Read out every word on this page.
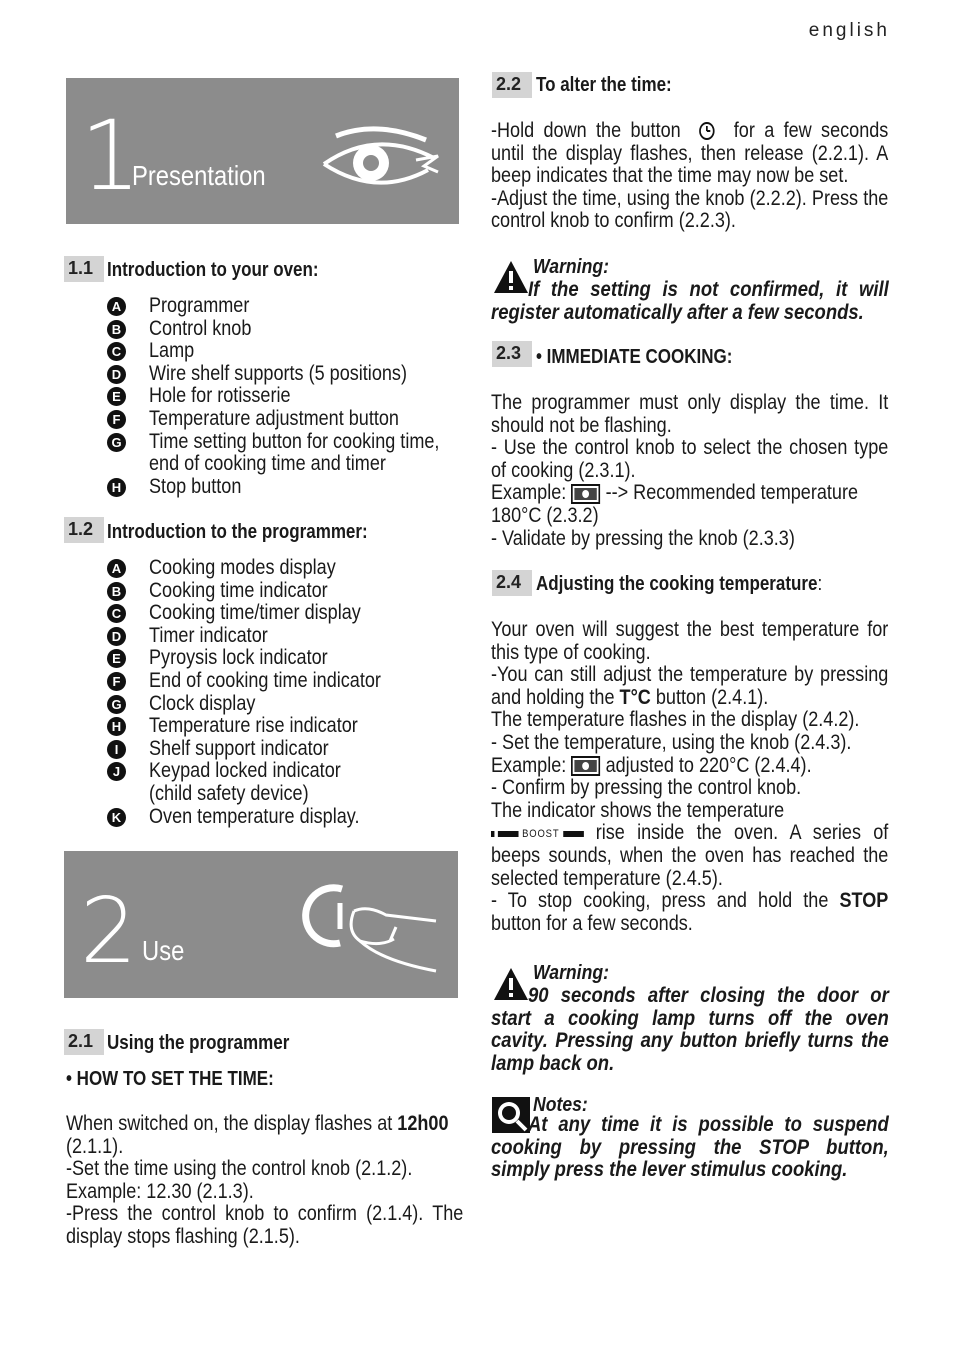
english
1
Presentation
1.1 Introduction to your oven:
A Programmer
B Control knob
C Lamp
D Wire shelf supports (5 positions)
E Hole for rotisserie
F Temperature adjustment button
G Time setting button for cooking time,
end of cooking time and timer
H Stop button
1.2 Introduction to the programmer:
A Cooking modes display
B Cooking time indicator
C Cooking time/timer display
D Timer indicator
E Pyroysis lock indicator
F End of cooking time indicator
G Clock display
H Temperature rise indicator
I	Shelf support indicator
J Keypad locked indicator
(child safety device)
K Oven temperature display.
2 Use
2.1 Using the programmer
• HOW TO SET THE TIME:
When switched on, the display flashes at 12h00
(2.1.1).
-Set the time using the control knob (2.1.2).
Example: 12.30 (2.1.3).
-Press the control knob to confirm (2.1.4). The display stops flashing (2.1.5).
2.2 To alter the time:
-Hold down the button	for a few seconds until the display flashes, then release (2.2.1). A beep indicates that the time may now be set.
-Adjust the time, using the knob (2.2.2). Press the control knob to confirm (2.2.3).
Warning:
If the setting is not confirmed, it will register automatically after a few seconds.
2.3 • IMMEDIATE COOKING:
The programmer must only display the time. It should not be flashing.
- Use the control knob to select the chosen type of cooking (2.3.1).
Example: --> Recommended temperature
180°C (2.3.2)
- Validate by pressing the knob (2.3.3)
2.4 Adjusting the cooking temperature:
Your oven will suggest the best temperature for this type of cooking.
-You can still adjust the temperature by pressing and holding the T°C button (2.4.1).
The temperature flashes in the display (2.4.2).
- Set the temperature, using the knob (2.4.3).
Example: adjusted to 220°C (2.4.4).
- Confirm by pressing the control knob.
The indicator shows the temperature
BOOST rise inside the oven. A series of beeps sounds, when the oven has reached the selected temperature (2.4.5).
- To stop cooking, press and hold the STOP button for a few seconds.
Warning:
90 seconds after closing the door or start a cooking lamp turns off the oven cavity. Pressing any button briefly turns the lamp back on.
Notes:
At any time it is possible to suspend cooking by pressing the STOP button, simply press the lever stimulus cooking.
